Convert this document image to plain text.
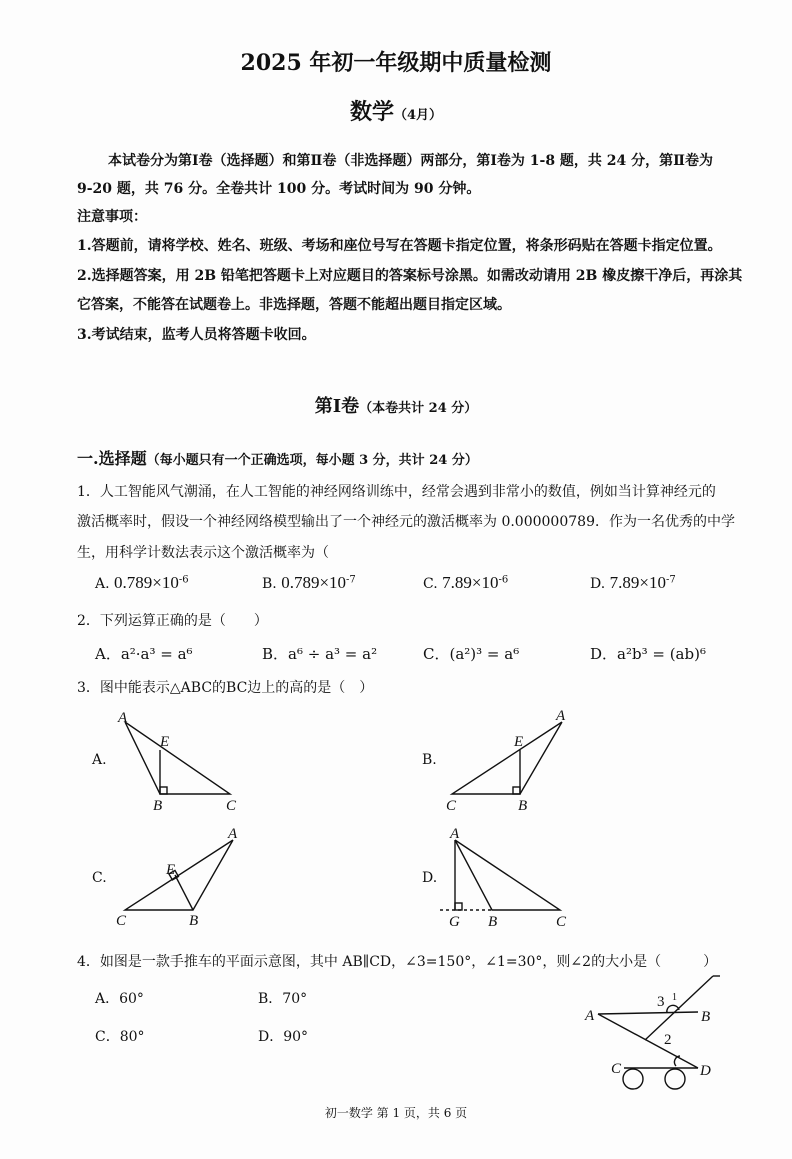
2025 年初一年级期中质量检测
数学（4月）
本试卷分为第Ⅰ卷（选择题）和第Ⅱ卷（非选择题）两部分，第Ⅰ卷为 1-8 题，共 24 分，第Ⅱ卷为
9-20 题，共 76 分。全卷共计 100 分。考试时间为 90 分钟。
注意事项：
1.答题前，请将学校、姓名、班级、考场和座位号写在答题卡指定位置，将条形码贴在答题卡指定位置。
2.选择题答案，用 2B 铅笔把答题卡上对应题目的答案标号涂黑。如需改动请用 2B 橡皮擦干净后，再涂其
它答案，不能答在试题卷上。非选择题，答题不能超出题目指定区域。
3.考试结束，监考人员将答题卡收回。
第Ⅰ卷（本卷共计 24 分）
一.选择题（每小题只有一个正确选项，每小题 3 分，共计 24 分）
1．人工智能风气潮涌，在人工智能的神经网络训练中，经常会遇到非常小的数值，例如当计算神经元的
激活概率时，假设一个神经网络模型输出了一个神经元的激活概率为 0.000000789．作为一名优秀的中学
生，用科学计数法表示这个激活概率为（
A. $0.789\times 10^{-6}$	B. $0.789\times 10^{-7}$	C. $7.89\times 10^{-6}$	D. $7.89\times 10^{-7}$
2．下列运算正确的是（　　）
A．a²·a³ = a⁶	B．a⁶ ÷ a³ = a²	C．(a²)³ = a⁶	D．a²b³ = (ab)⁶
3．图中能表示△ABC的BC边上的高的是（　）
A.	B.
C.	D.
A
E
B	C
A
E
B
C
A
E
B
C
A
G B	C
A	B
C	D
3 1
2
4．如图是一款手推车的平面示意图，其中 AB∥CD，∠3=150°，∠1=30°，则∠2的大小是（　　　）
A．60°	B．70°
C．80°	D．90°
初一数学 第 1 页，共 6 页
